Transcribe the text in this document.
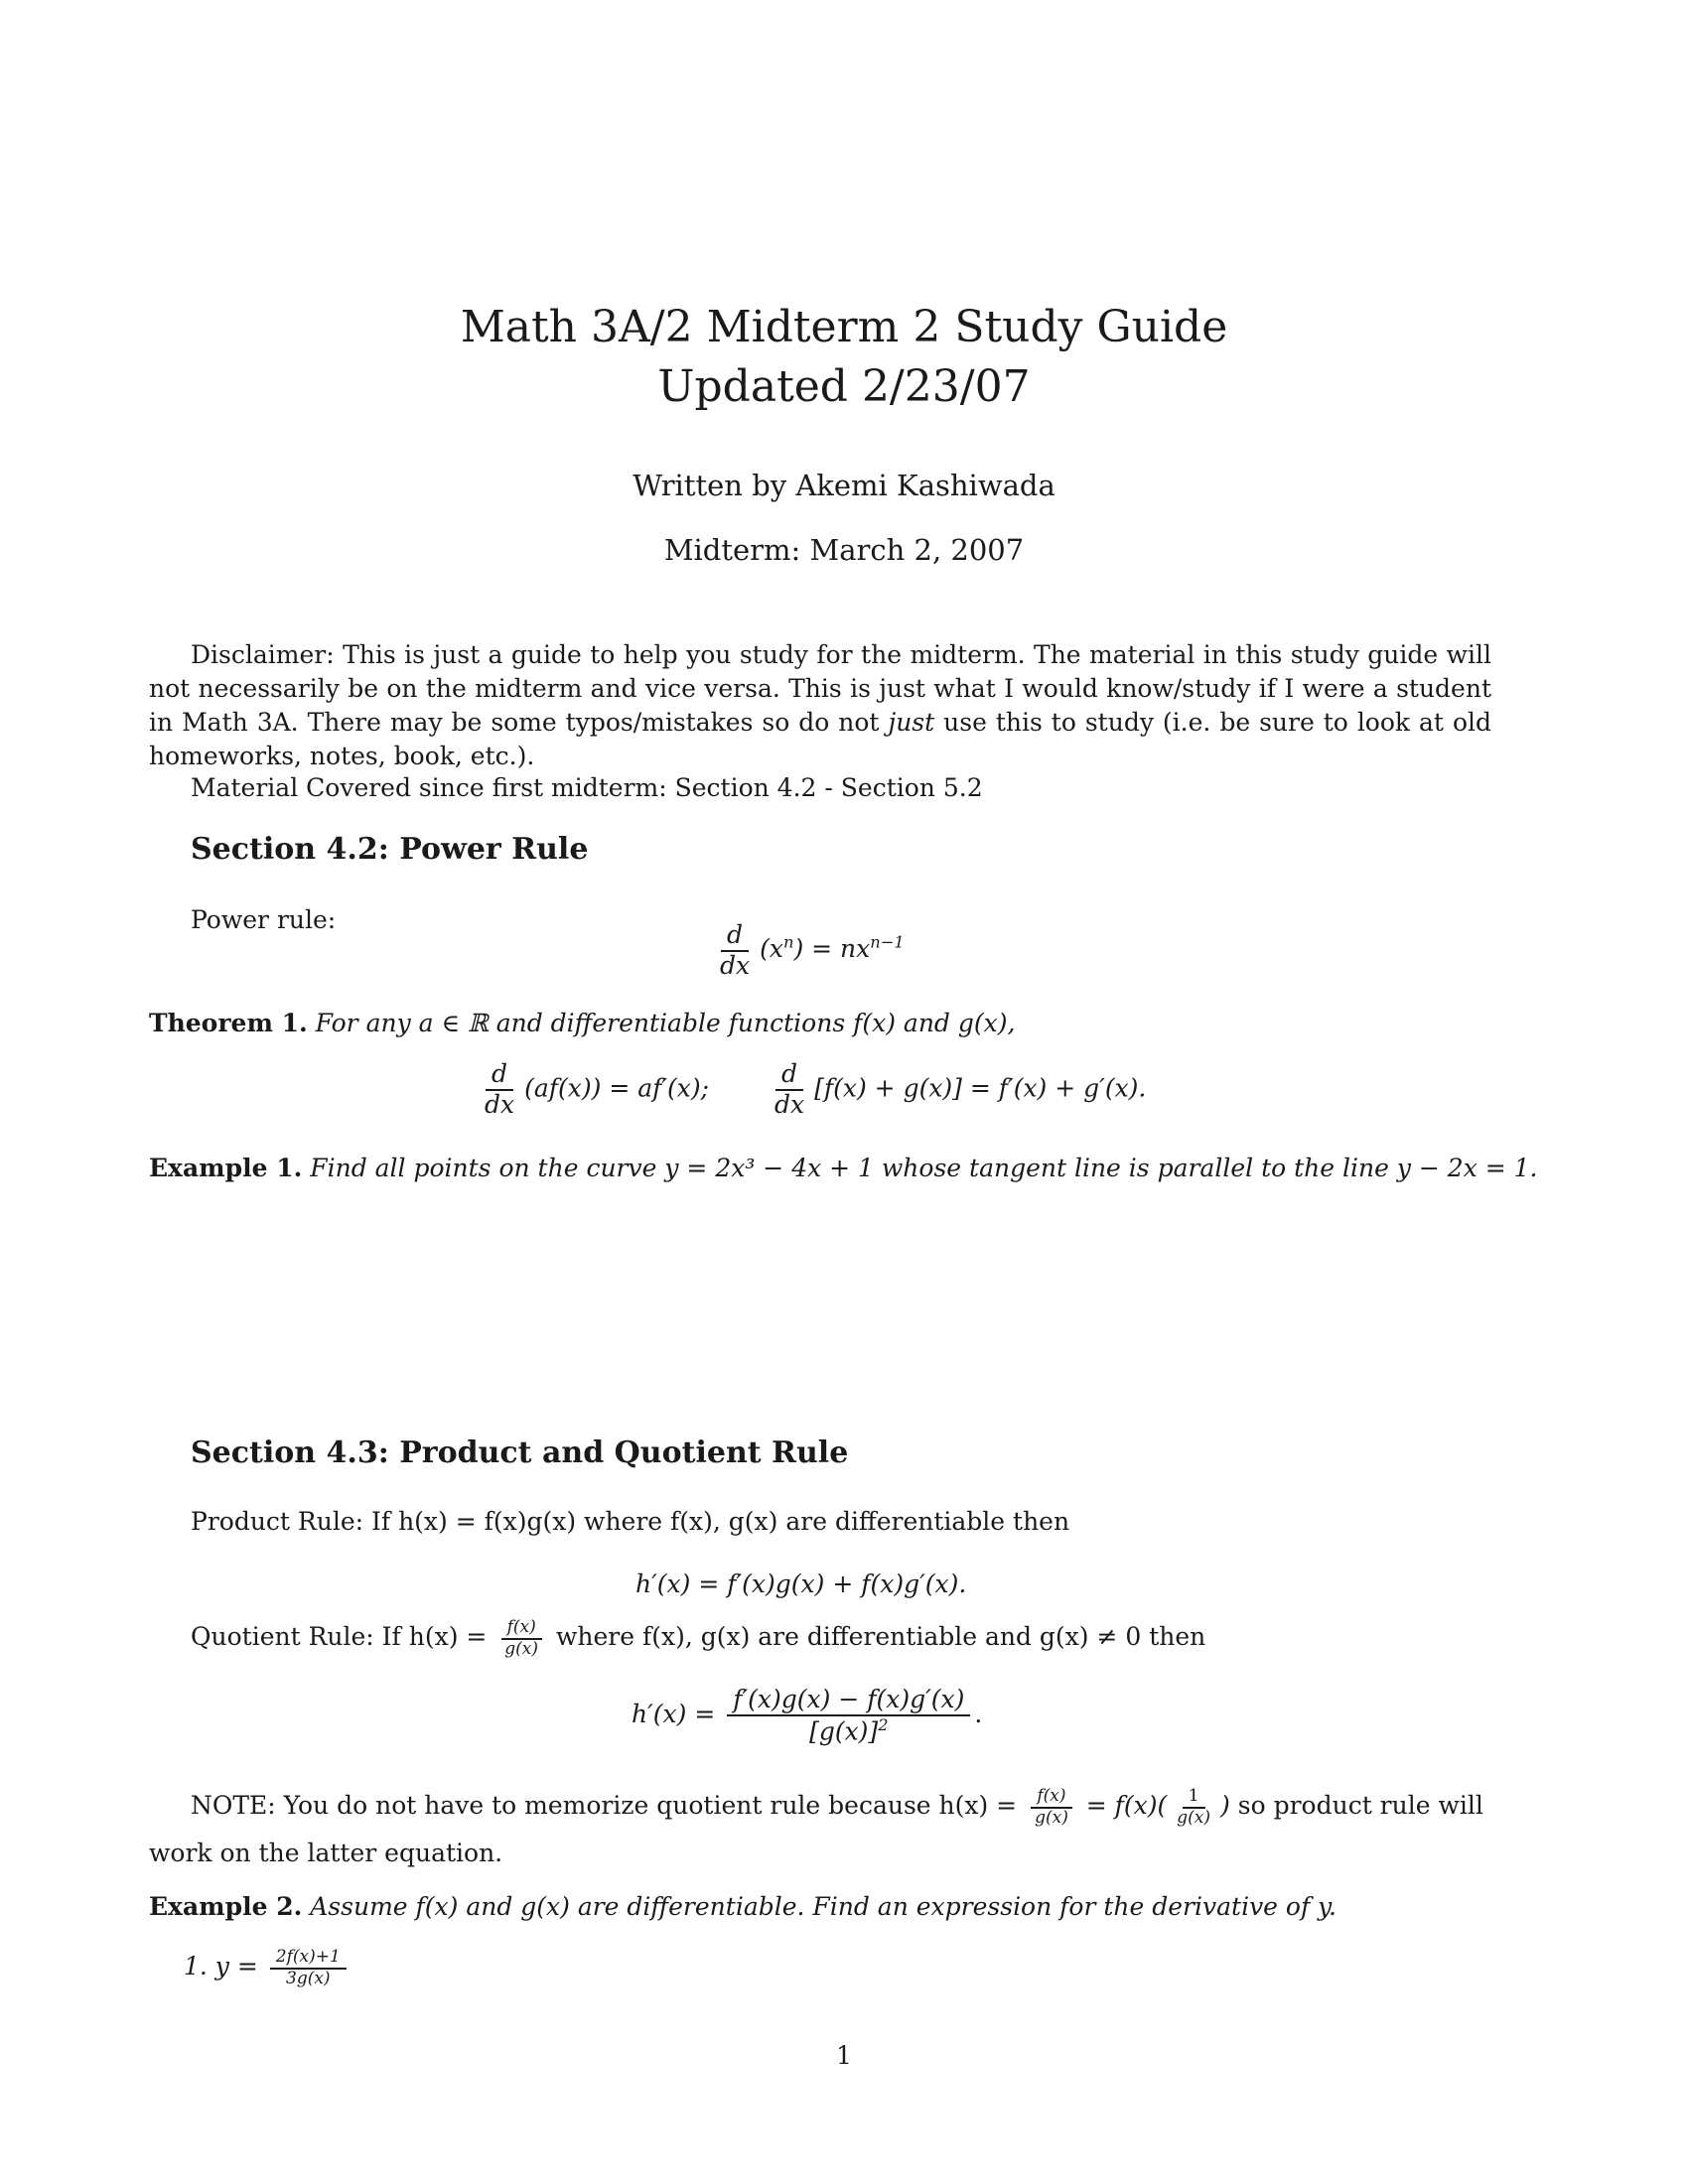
Math 3A/2 Midterm 2 Study Guide
Updated 2/23/07
Written by Akemi Kashiwada
Midterm: March 2, 2007
Disclaimer: This is just a guide to help you study for the midterm. The material in this study guide will not necessarily be on the midterm and vice versa. This is just what I would know/study if I were a student in Math 3A. There may be some typos/mistakes so do not just use this to study (i.e. be sure to look at old homeworks, notes, book, etc.).
Material Covered since first midterm: Section 4.2 - Section 5.2
Section 4.2: Power Rule
Power rule:
$\frac{d}{dx} (x^n) = nx^{n-1}$
Theorem 1. For any a ∈ ℝ and differentiable functions f(x) and g(x),
$\frac{d}{dx} (af(x)) = af'(x)$; $\frac{d}{dx} [f(x) + g(x)] = f'(x) + g'(x)$.
Example 1. Find all points on the curve y = 2x³ − 4x + 1 whose tangent line is parallel to the line y − 2x = 1.
Section 4.3: Product and Quotient Rule
Product Rule: If h(x) = f(x)g(x) where f(x), g(x) are differentiable then
h′(x) = f′(x)g(x) + f(x)g′(x).
Quotient Rule: If $h(x) = \frac{f(x)}{g(x)}$ where f(x), g(x) are differentiable and g(x) ≠ 0 then
$h'(x) = \frac{f'(x)g(x) - f(x)g'(x)}{[g(x)]^2}$ .
NOTE: You do not have to memorize quotient rule because $h(x) = \frac{f(x)}{g(x)} = f(x)( \frac{1}{g(x)}$ ) so product rule will
work on the latter equation.
Example 2. Assume f(x) and g(x) are differentiable. Find an expression for the derivative of y.
1. $y = \frac{2f(x)+1}{3g(x)}$
1
